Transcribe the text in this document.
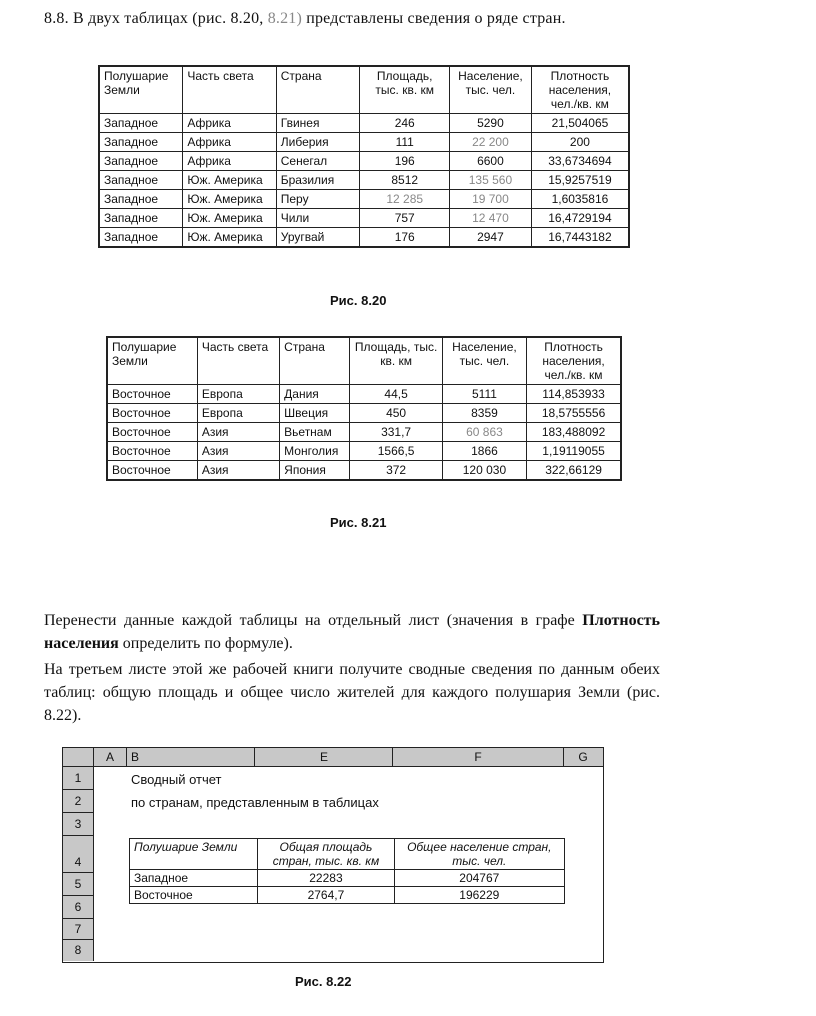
8.8. В двух таблицах (рис. 8.20, 8.21) представлены сведения о ряде стран.
Полушарие Земли	Часть света	Страна	Площадь, тыс. кв. км	Население, тыс. чел.	Плотность населения, чел./кв. км
Западное	Африка	Гвинея	246	5290	21,504065
Западное	Африка	Либерия	111	22 200	200
Западное	Африка	Сенегал	196	6600	33,6734694
Западное	Юж. Америка	Бразилия	8512	135 560	15,9257519
Западное	Юж. Америка	Перу	12 285	19 700	1,6035816
Западное	Юж. Америка	Чили	757	12 470	16,4729194
Западное	Юж. Америка	Уругвай	176	2947	16,7443182
Рис. 8.20
Полушарие Земли	Часть света	Страна	Площадь, тыс. кв. км	Население, тыс. чел.	Плотность населения, чел./кв. км
Восточное	Европа	Дания	44,5	5111	114,853933
Восточное	Европа	Швеция	450	8359	18,5755556
Восточное	Азия	Вьетнам	331,7	60 863	183,488092
Восточное	Азия	Монголия	1566,5	1866	1,19119055
Восточное	Азия	Япония	372	120 030	322,66129
Рис. 8.21
Перенести данные каждой таблицы на отдельный лист (значения в графе Плотность населения определить по формуле).
На третьем листе этой же рабочей книги получите сводные сведения по данным обеих таблиц: общую площадь и общее число жителей для каждого полушария Земли (рис. 8.22).
A	B	E	F	G
1
2
3
4
5
6
7
8
Сводный отчет
по странам, представленным в таблицах
Полушарие Земли	Общая площадь стран, тыс. кв. км	Общее население стран, тыс. чел.
Западное	22283	204767
Восточное	2764,7	196229
Рис. 8.22
